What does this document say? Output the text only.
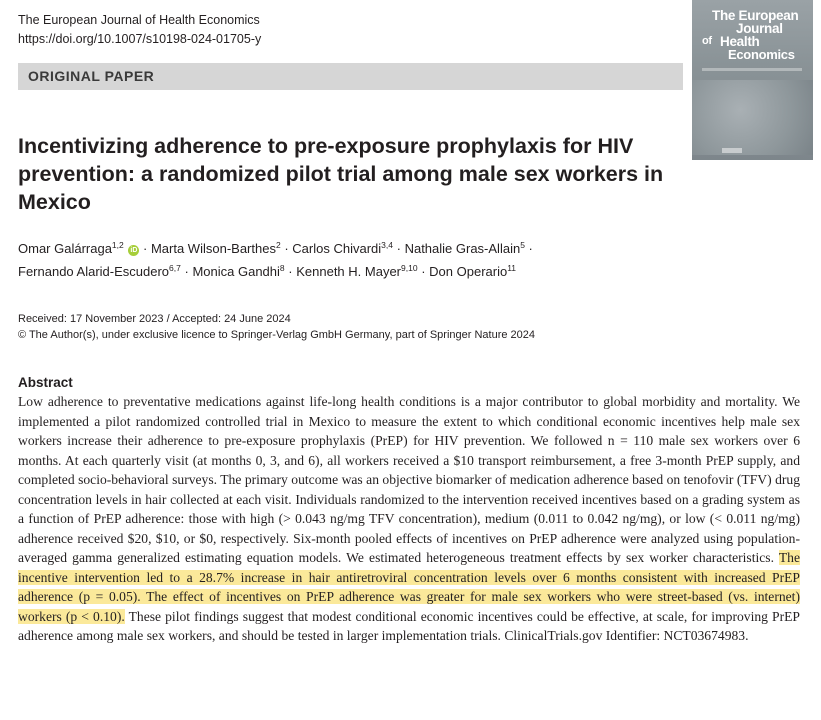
The European Journal of Health Economics
https://doi.org/10.1007/s10198-024-01705-y
ORIGINAL PAPER
The European
Journal
of Health
Economics
Incentivizing adherence to pre-exposure prophylaxis for HIV prevention: a randomized pilot trial among male sex workers in Mexico
Omar Galárraga$^{1,2}$ iD · Marta Wilson-Barthes$^2$ · Carlos Chivardi$^{3,4}$ · Nathalie Gras-Allain$^5$ ·
Fernando Alarid-Escudero$^{6,7}$ · Monica Gandhi$^8$ · Kenneth H. Mayer$^{9,10}$ · Don Operario$^{11}$
Received: 17 November 2023 / Accepted: 24 June 2024
© The Author(s), under exclusive licence to Springer-Verlag GmbH Germany, part of Springer Nature 2024
Abstract
Low adherence to preventative medications against life-long health conditions is a major contributor to global morbidity and mortality. We implemented a pilot randomized controlled trial in Mexico to measure the extent to which conditional economic incentives help male sex workers increase their adherence to pre-exposure prophylaxis (PrEP) for HIV prevention. We followed n = 110 male sex workers over 6 months. At each quarterly visit (at months 0, 3, and 6), all workers received a $10 transport reimbursement, a free 3-month PrEP supply, and completed socio-behavioral surveys. The primary outcome was an objective biomarker of medication adherence based on tenofovir (TFV) drug concentration levels in hair collected at each visit. Individuals randomized to the intervention received incentives based on a grading system as a function of PrEP adherence: those with high (> 0.043 ng/mg TFV concentration), medium (0.011 to 0.042 ng/mg), or low (< 0.011 ng/mg) adherence received $20, $10, or $0, respectively. Six-month pooled effects of incentives on PrEP adherence were analyzed using population-averaged gamma generalized estimating equation models. We estimated heterogeneous treatment effects by sex worker characteristics. The incentive intervention led to a 28.7% increase in hair antiretroviral concentration levels over 6 months consistent with increased PrEP adherence (p = 0.05). The effect of incentives on PrEP adherence was greater for male sex workers who were street-based (vs. internet) workers (p < 0.10). These pilot findings suggest that modest conditional economic incentives could be effective, at scale, for improving PrEP adherence among male sex workers, and should be tested in larger implementation trials. ClinicalTrials.gov Identifier: NCT03674983.
